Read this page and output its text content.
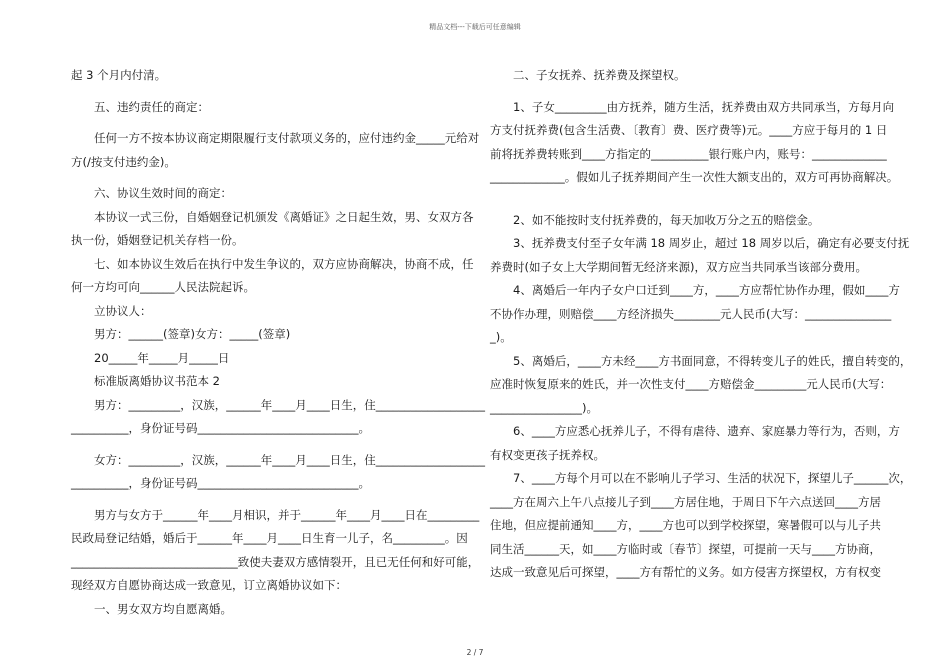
精品文档---下载后可任意编辑
起 3 个月内付清。
　　五、违约责任的商定：
　　任何一方不按本协议商定期限履行支付款项义务的，应付违约金_____元给对
方(/按支付违约金)。
　　六、协议生效时间的商定：
　　本协议一式三份，自婚姻登记机颁发《离婚证》之日起生效，男、女双方各
执一份，婚姻登记机关存档一份。
　　七、如本协议生效后在执行中发生争议的，双方应协商解决，协商不成，任
何一方均可向______人民法院起诉。
　　立协议人：
　　男方：______(签章)女方：_____(签章)
　　20_____年_____月_____日
　　标准版离婚协议书范本 2
　　男方：_________，汉族，______年____月____日生，住___________________
__________，身份证号码____________________________。
　　女方：_________，汉族，______年____月____日生，住___________________
__________，身份证号码____________________________。
　　男方与女方于______年____月相识，并于______年____月____日在_________
民政局登记结婚，婚后于______年____月____日生育一儿子，名_________。因
_____________________________致使夫妻双方感情裂开，且已无任何和好可能，
现经双方自愿协商达成一致意见，订立离婚协议如下：
　　一、男女双方均自愿离婚。
　　二、子女抚养、抚养费及探望权。
　　1、子女_________由方抚养，随方生活，抚养费由双方共同承当，方每月向
方支付抚养费(包含生活费、〔教育〕费、医疗费等)元。____方应于每月的 1 日
前将抚养费转账到____方指定的__________银行账户内，账号：_____________
_____________。假如儿子抚养期间产生一次性大额支出的，双方可再协商解决。
　　2、如不能按时支付抚养费的，每天加收万分之五的赔偿金。
　　3、抚养费支付至子女年满 18 周岁止，超过 18 周岁以后，确定有必要支付抚
养费时(如子女上大学期间暂无经济来源)，双方应当共同承当该部分费用。
　　4、离婚后一年内子女户口迁到____方，____方应帮忙协作办理，假如____方
不协作办理，则赔偿____方经济损失________元人民币(大写：_______________
_)。
　　5、离婚后，____方未经____方书面同意，不得转变儿子的姓氏，擅自转变的，
应准时恢复原来的姓氏，并一次性支付____方赔偿金_________元人民币(大写：
________________)。
　　6、____方应悉心抚养儿子，不得有虐待、遗弃、家庭暴力等行为，否则，方
有权变更孩子抚养权。
　　7、____方每个月可以在不影响儿子学习、生活的状况下，探望儿子______次，
____方在周六上午八点接儿子到____方居住地，于周日下午六点送回____方居
住地，但应提前通知____方，____方也可以到学校探望，寒暑假可以与儿子共
同生活______天，如____方临时或〔春节〕探望，可提前一天与____方协商，
达成一致意见后可探望，____方有帮忙的义务。如方侵害方探望权，方有权变
2 / 7
